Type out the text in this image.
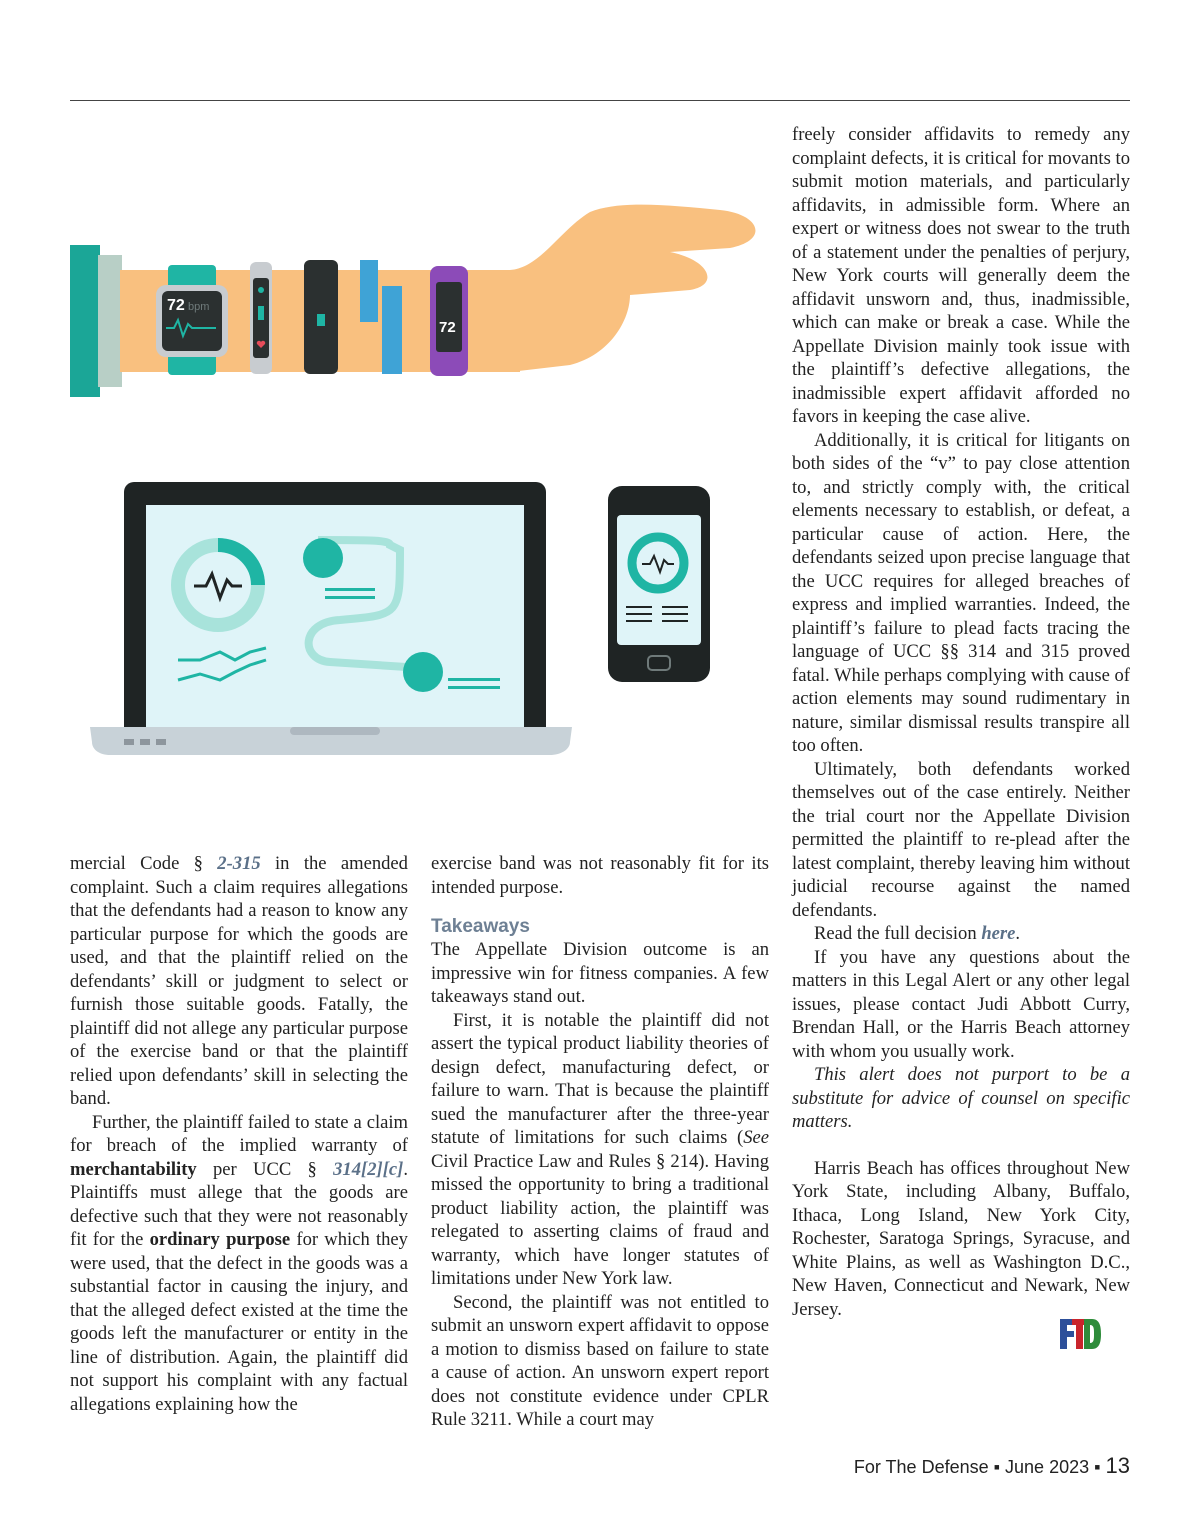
72 bpm
72

mercial Code § 2-315 in the amended complaint. Such a claim requires allegations that the defendants had a reason to know any particular purpose for which the goods are used, and that the plaintiff relied on the defendants’ skill or judgment to select or furnish those suitable goods. Fatally, the plaintiff did not allege any particular purpose of the exercise band or that the plaintiff relied upon defendants’ skill in selecting the band.

Further, the plaintiff failed to state a claim for breach of the implied warranty of merchantability per UCC § 314[2][c]. Plaintiffs must allege that the goods are defective such that they were not reasonably fit for the ordinary purpose for which they were used, that the defect in the goods was a substantial factor in causing the injury, and that the alleged defect existed at the time the goods left the manufacturer or entity in the line of distribution. Again, the plaintiff did not support his complaint with any factual allegations explaining how the

exercise band was not reasonably fit for its intended purpose.

Takeaways

The Appellate Division outcome is an impressive win for fitness companies. A few takeaways stand out.

First, it is notable the plaintiff did not assert the typical product liability theories of design defect, manufacturing defect, or failure to warn. That is because the plaintiff sued the manufacturer after the three-year statute of limitations for such claims (See Civil Practice Law and Rules § 214). Having missed the opportunity to bring a traditional product liability action, the plaintiff was relegated to asserting claims of fraud and warranty, which have longer statutes of limitations under New York law.

Second, the plaintiff was not entitled to submit an unsworn expert affidavit to oppose a motion to dismiss based on failure to state a cause of action. An unsworn expert report does not constitute evidence under CPLR Rule 3211. While a court may

freely consider affidavits to remedy any complaint defects, it is critical for movants to submit motion materials, and particularly affidavits, in admissible form. Where an expert or witness does not swear to the truth of a statement under the penalties of perjury, New York courts will generally deem the affidavit unsworn and, thus, inadmissible, which can make or break a case. While the Appellate Division mainly took issue with the plaintiff’s defective allegations, the inadmissible expert affidavit afforded no favors in keeping the case alive.

Additionally, it is critical for litigants on both sides of the “v” to pay close attention to, and strictly comply with, the critical elements necessary to establish, or defeat, a particular cause of action. Here, the defendants seized upon precise language that the UCC requires for alleged breaches of express and implied warranties. Indeed, the plaintiff’s failure to plead facts tracing the language of UCC §§ 314 and 315 proved fatal. While perhaps complying with cause of action elements may sound rudimentary in nature, similar dismissal results transpire all too often.

Ultimately, both defendants worked themselves out of the case entirely. Neither the trial court nor the Appellate Division permitted the plaintiff to re-plead after the latest complaint, thereby leaving him without judicial recourse against the named defendants.

Read the full decision here.

If you have any questions about the matters in this Legal Alert or any other legal issues, please contact Judi Abbott Curry, Brendan Hall, or the Harris Beach attorney with whom you usually work.

This alert does not purport to be a substitute for advice of counsel on specific matters.

Harris Beach has offices throughout New York State, including Albany, Buffalo, Ithaca, Long Island, New York City, Rochester, Saratoga Springs, Syracuse, and White Plains, as well as Washington D.C., New Haven, Connecticut and Newark, New Jersey.

For The Defense ▪ June 2023 ▪ 13
